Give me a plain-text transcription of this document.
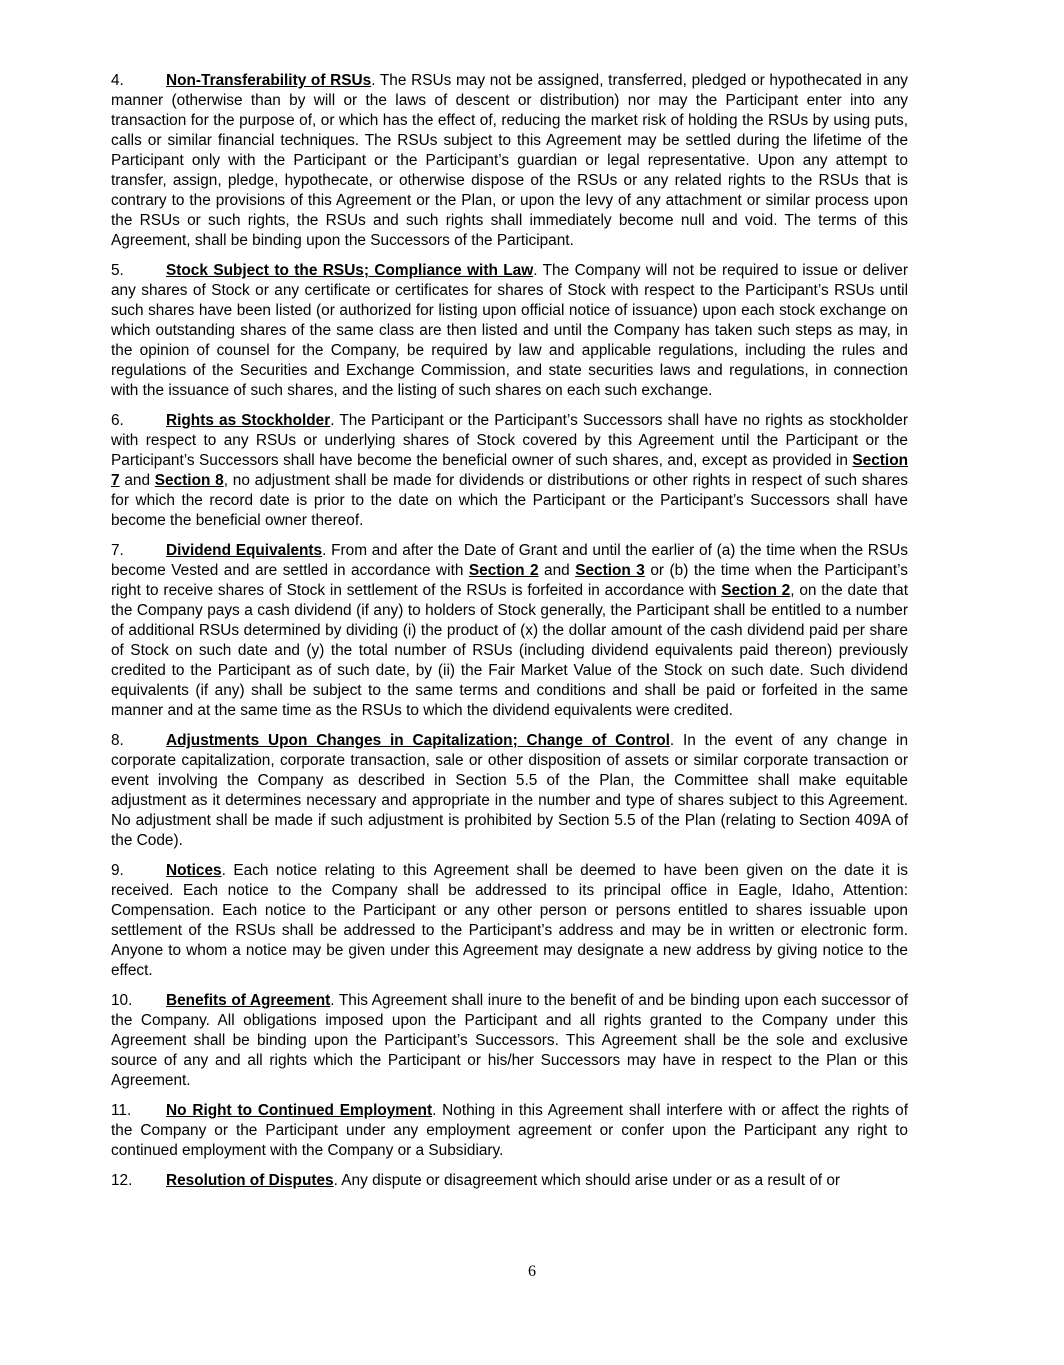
4.	Non-Transferability of RSUs. The RSUs may not be assigned, transferred, pledged or hypothecated in any manner (otherwise than by will or the laws of descent or distribution) nor may the Participant enter into any transaction for the purpose of, or which has the effect of, reducing the market risk of holding the RSUs by using puts, calls or similar financial techniques. The RSUs subject to this Agreement may be settled during the lifetime of the Participant only with the Participant or the Participant’s guardian or legal representative. Upon any attempt to transfer, assign, pledge, hypothecate, or otherwise dispose of the RSUs or any related rights to the RSUs that is contrary to the provisions of this Agreement or the Plan, or upon the levy of any attachment or similar process upon the RSUs or such rights, the RSUs and such rights shall immediately become null and void. The terms of this Agreement, shall be binding upon the Successors of the Participant.

5.	Stock Subject to the RSUs; Compliance with Law. The Company will not be required to issue or deliver any shares of Stock or any certificate or certificates for shares of Stock with respect to the Participant’s RSUs until such shares have been listed (or authorized for listing upon official notice of issuance) upon each stock exchange on which outstanding shares of the same class are then listed and until the Company has taken such steps as may, in the opinion of counsel for the Company, be required by law and applicable regulations, including the rules and regulations of the Securities and Exchange Commission, and state securities laws and regulations, in connection with the issuance of such shares, and the listing of such shares on each such exchange.

6.	Rights as Stockholder. The Participant or the Participant’s Successors shall have no rights as stockholder with respect to any RSUs or underlying shares of Stock covered by this Agreement until the Participant or the Participant’s Successors shall have become the beneficial owner of such shares, and, except as provided in Section 7 and Section 8, no adjustment shall be made for dividends or distributions or other rights in respect of such shares for which the record date is prior to the date on which the Participant or the Participant’s Successors shall have become the beneficial owner thereof.

7.	Dividend Equivalents. From and after the Date of Grant and until the earlier of (a) the time when the RSUs become Vested and are settled in accordance with Section 2 and Section 3 or (b) the time when the Participant’s right to receive shares of Stock in settlement of the RSUs is forfeited in accordance with Section 2, on the date that the Company pays a cash dividend (if any) to holders of Stock generally, the Participant shall be entitled to a number of additional RSUs determined by dividing (i) the product of (x) the dollar amount of the cash dividend paid per share of Stock on such date and (y) the total number of RSUs (including dividend equivalents paid thereon) previously credited to the Participant as of such date, by (ii) the Fair Market Value of the Stock on such date. Such dividend equivalents (if any) shall be subject to the same terms and conditions and shall be paid or forfeited in the same manner and at the same time as the RSUs to which the dividend equivalents were credited.

8.	Adjustments Upon Changes in Capitalization; Change of Control. In the event of any change in corporate capitalization, corporate transaction, sale or other disposition of assets or similar corporate transaction or event involving the Company as described in Section 5.5 of the Plan, the Committee shall make equitable adjustment as it determines necessary and appropriate in the number and type of shares subject to this Agreement. No adjustment shall be made if such adjustment is prohibited by Section 5.5 of the Plan (relating to Section 409A of the Code).

9.	Notices. Each notice relating to this Agreement shall be deemed to have been given on the date it is received. Each notice to the Company shall be addressed to its principal office in Eagle, Idaho, Attention: Compensation. Each notice to the Participant or any other person or persons entitled to shares issuable upon settlement of the RSUs shall be addressed to the Participant’s address and may be in written or electronic form. Anyone to whom a notice may be given under this Agreement may designate a new address by giving notice to the effect.

10. Benefits of Agreement. This Agreement shall inure to the benefit of and be binding upon each successor of the Company. All obligations imposed upon the Participant and all rights granted to the Company under this Agreement shall be binding upon the Participant’s Successors. This Agreement shall be the sole and exclusive source of any and all rights which the Participant or his/her Successors may have in respect to the Plan or this Agreement.

11. No Right to Continued Employment. Nothing in this Agreement shall interfere with or affect the rights of the Company or the Participant under any employment agreement or confer upon the Participant any right to continued employment with the Company or a Subsidiary.

12. Resolution of Disputes. Any dispute or disagreement which should arise under or as a result of or

6
